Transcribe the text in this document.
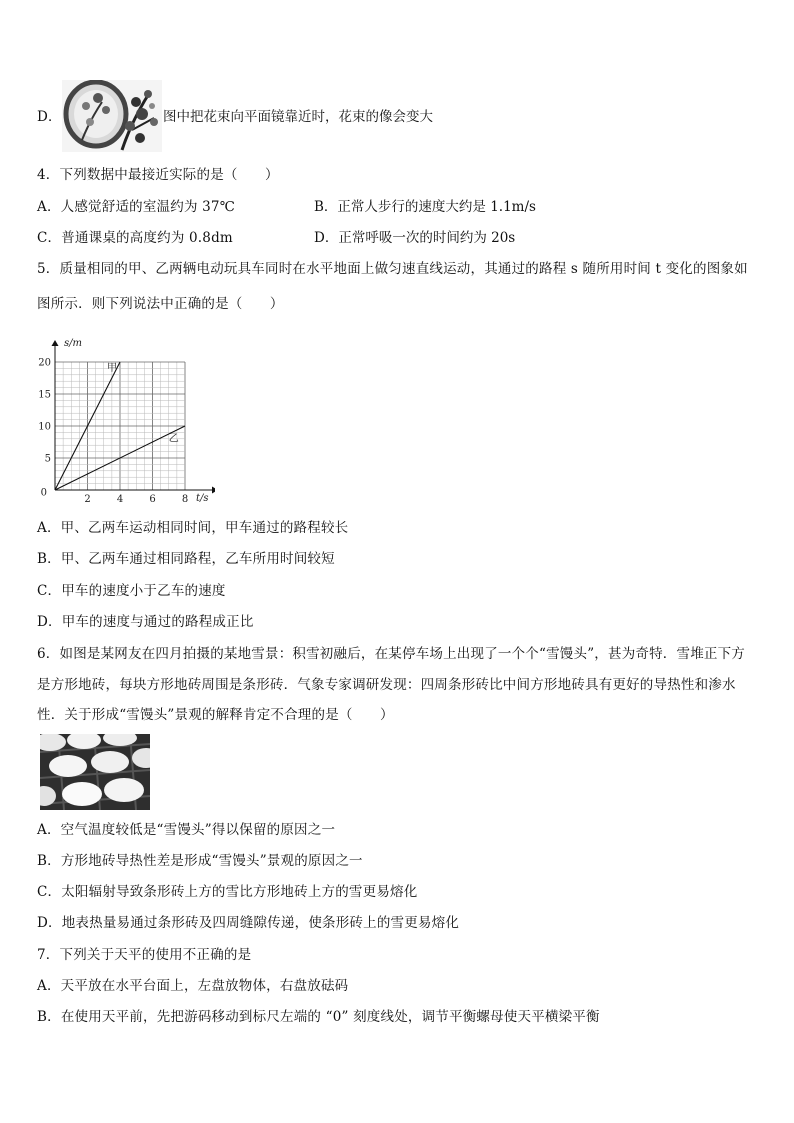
D．	图中把花束向平面镜靠近时，花束的像会变大
4．下列数据中最接近实际的是（　　）
A．人感觉舒适的室温约为 37℃	B．正常人步行的速度大约是 1.1m/s
C．普通课桌的高度约为 0.8dm	D．正常呼吸一次的时间约为 20s
5．质量相同的甲、乙两辆电动玩具车同时在水平地面上做匀速直线运动，其通过的路程 s 随所用时间 t 变化的图象如
图所示．则下列说法中正确的是（　　）
s/m
t/s
2	4	6	8
0
5
10
15
20	甲
乙
A．甲、乙两车运动相同时间，甲车通过的路程较长
B．甲、乙两车通过相同路程，乙车所用时间较短
C．甲车的速度小于乙车的速度
D．甲车的速度与通过的路程成正比
6．如图是某网友在四月拍摄的某地雪景：积雪初融后，在某停车场上出现了一个个“雪馒头”，甚为奇特．雪堆正下方
是方形地砖，每块方形地砖周围是条形砖．气象专家调研发现：四周条形砖比中间方形地砖具有更好的导热性和渗水
性．关于形成“雪馒头”景观的解释肯定不合理的是（　　）
A．空气温度较低是“雪馒头”得以保留的原因之一
B．方形地砖导热性差是形成“雪馒头”景观的原因之一
C．太阳辐射导致条形砖上方的雪比方形地砖上方的雪更易熔化
D．地表热量易通过条形砖及四周缝隙传递，使条形砖上的雪更易熔化
7．下列关于天平的使用不正确的是
A．天平放在水平台面上，左盘放物体，右盘放砝码
B．在使用天平前，先把游码移动到标尺左端的 “0” 刻度线处，调节平衡螺母使天平横梁平衡
